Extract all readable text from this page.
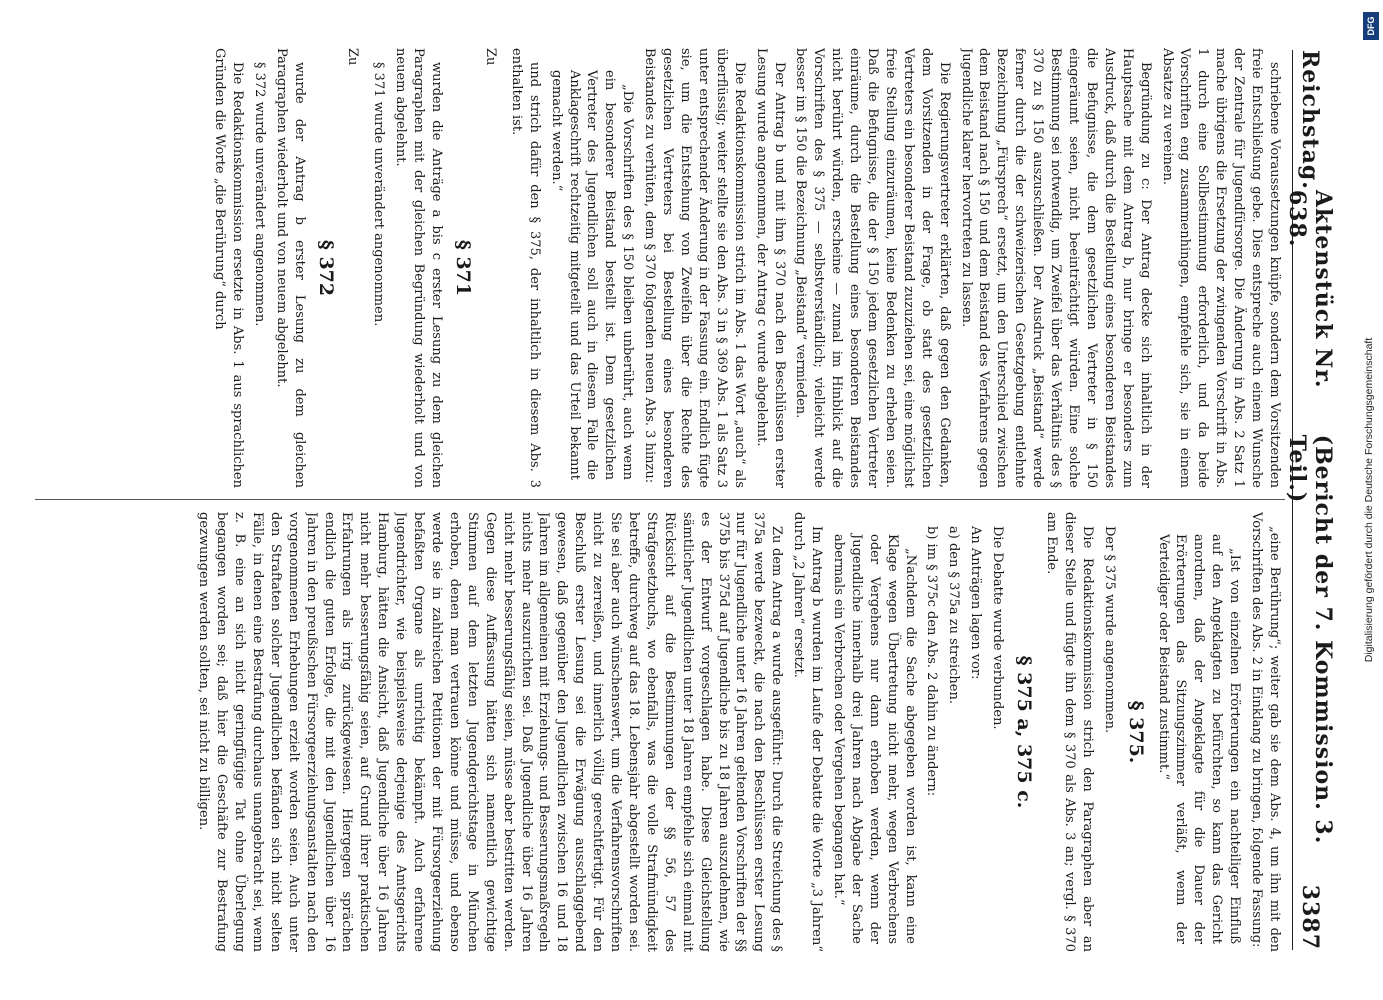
Reichstag.
Aktenstück Nr. 638.
(Bericht der 7. Kommission. 3. Teil.)
3387
schriebene Voraussetzungen knüpfe, sondern dem Vorsitzenden freie Entschließung gebe. Dies entspreche auch einem Wunsche der Zentrale für Jugendfürsorge. Die Änderung in Abs. 2 Satz 1 mache übrigens die Ersetzung der zwingenden Vorschrift in Abs. 1 durch eine Sollbestimmung erforderlich, und da beide Vorschriften eng zusammenhingen, empfehle sich, sie in einem Absatze zu vereinen.
Begründung zu c: Der Antrag decke sich inhaltlich in der Hauptsache mit dem Antrag b, nur bringe er besonders zum Ausdruck, daß durch die Bestellung eines besonderen Beistandes die Befugnisse, die dem gesetzlichen Vertreter in § 150 eingeräumt seien, nicht beeinträchtigt würden. Eine solche Bestimmung sei notwendig, um Zweifel über das Verhältnis des § 370 zu § 150 auszuschließen. Der Ausdruck „Beistand“ werde ferner durch die der schweizerischen Gesetzgebung entlehnte Bezeichnung „Fürsprech“ ersetzt, um den Unterschied zwischen dem Beistand nach § 150 und dem Beistand des Verfahrens gegen Jugendliche klarer hervortreten zu lassen.
Die Regierungsvertreter erklärten, daß gegen den Gedanken, dem Vorsitzenden in der Frage, ob statt des gesetzlichen Vertreters ein besonderer Beistand zuzuziehen sei, eine möglichst freie Stellung einzuräumen, keine Bedenken zu erheben seien. Daß die Befugnisse, die der § 150 jedem gesetzlichen Vertreter einräume, durch die Bestellung eines besonderen Beistandes nicht berührt würden, erscheine — zumal im Hinblick auf die Vorschriften des § 375 — selbstverständlich; vielleicht werde besser im § 150 die Bezeichnung „Beistand“ vermieden.
Der Antrag b und mit ihm § 370 nach den Beschlüssen erster Lesung wurde angenommen, der Antrag c wurde abgelehnt.
Die Redaktionskommission strich im Abs. 1 das Wort „auch“ als überflüssig; weiter stellte sie den Abs. 3 in § 369 Abs. 1 als Satz 3 unter entsprechender Änderung in der Fassung ein. Endlich fügte sie, um die Entstehung von Zweifeln über die Rechte des gesetzlichen Vertreters bei Bestellung eines besonderen Beistandes zu verhüten, dem § 370 folgenden neuen Abs. 3 hinzu:
„Die Vorschriften des § 150 bleiben unberührt, auch wenn ein besonderer Beistand bestellt ist. Dem gesetzlichen Vertreter des Jugendlichen soll auch in diesem Falle die Anklageschrift rechtzeitig mitgeteilt und das Urteil bekannt gemacht werden.“
und strich dafür den § 375, der inhaltlich in diesem Abs. 3 enthalten ist.
Zu
§ 371
wurden die Anträge a bis c erster Lesung zu dem gleichen Paragraphen mit der gleichen Begründung wiederholt und von neuem abgelehnt.
§ 371 wurde unverändert angenommen.
Zu
§ 372
wurde der Antrag b erster Lesung zu dem gleichen Paragraphen wiederholt und von neuem abgelehnt.
§ 372 wurde unverändert angenommen.
Die Redaktionskommission ersetzte in Abs. 1 aus sprachlichen Gründen die Worte „die Berührung“ durch
„eine Berührung“; weiter gab sie dem Abs. 4, um ihn mit den Vorschriften des Abs. 2 in Einklang zu bringen, folgende Fassung:
„Ist von einzelnen Erörterungen ein nachteiliger Einfluß auf den Angeklagten zu befürchten, so kann das Gericht anordnen, daß der Angeklagte für die Dauer der Erörterungen das Sitzungszimmer verläßt, wenn der Verteidiger oder Beistand zustimmt.“
§ 375.
Der § 375 wurde angenommen.
Die Redaktionskommission strich den Paragraphen aber an dieser Stelle und fügte ihn dem § 370 als Abs. 3 an; vergl. § 370 am Ende.
§ 375 a, 375 c.
Die Debatte wurde verbunden.
An Anträgen lagen vor:
a) den § 375a zu streichen.
b) im § 375c den Abs. 2 dahin zu ändern:
„Nachdem die Sache abgegeben worden ist, kann eine Klage wegen Übertretung nicht mehr, wegen Verbrechens oder Vergehens nur dann erhoben werden, wenn der Jugendliche innerhalb drei Jahren nach Abgabe der Sache abermals ein Verbrechen oder Vergehen begangen hat.“
Im Antrag b wurden im Laufe der Debatte die Worte „3 Jahren“ durch „2 Jahren“ ersetzt.
Zu dem Antrag a wurde ausgeführt: Durch die Streichung des § 375a werde bezweckt, die nach den Beschlüssen erster Lesung nur für Jugendliche unter 16 Jahren geltenden Vorschriften der §§ 375b bis 375d auf Jugendliche bis zu 18 Jahren auszudehnen, wie es der Entwurf vorgeschlagen habe. Diese Gleichstellung sämtlicher Jugendlichen unter 18 Jahren empfehle sich einmal mit Rücksicht auf die Bestimmungen der §§ 56, 57 des Strafgesetzbuchs, wo ebenfalls, was die volle Strafmündigkeit betreffe, durchweg auf das 18. Lebensjahr abgestellt worden sei. Sie sei aber auch wünschenswert, um die Verfahrensvorschriften nicht zu zerreißen, und innerlich völlig gerechtfertigt. Für den Beschluß erster Lesung sei die Erwägung ausschlaggebend gewesen, daß gegenüber den Jugendlichen zwischen 16 und 18 Jahren im allgemeinen mit Erziehungs- und Besserungsmaßregeln nichts mehr auszurichten sei. Daß Jugendliche über 16 Jahren nicht mehr besserungsfähig seien, müsse aber bestritten werden. Gegen diese Auffassung hätten sich namentlich gewichtige Stimmen auf dem letzten Jugendgerichtstage in München erhoben, denen man vertrauen könne und müsse, und ebenso werde sie in zahlreichen Petitionen der mit Fürsorgeerziehung befaßten Organe als unrichtig bekämpft. Auch erfahrene Jugendrichter, wie beispielsweise derjenige des Amtsgerichts Hamburg, hätten die Ansicht, daß Jugendliche über 16 Jahren nicht mehr besserungsfähig seien, auf Grund ihrer praktischen Erfahrungen als irrig zurückgewiesen. Hiergegen sprächen endlich die guten Erfolge, die mit den Jugendlichen über 16 Jahren in den preußischen Fürsorgeerziehungsanstalten nach den vorgenommenen Erhebungen erzielt worden seien. Auch unter den Straftaten solcher Jugendlichen befänden sich nicht selten Fälle, in denen eine Bestrafung durchaus unangebracht sei, wenn z. B. eine an sich nicht geringfügige Tat ohne Überlegung begangen worden sei; daß hier die Geschäfte zur Bestrafung gezwungen werden sollten, sei nicht zu billigen.
DFG
Digitalisierung gefördert durch die Deutsche Forschungsgemeinschaft
